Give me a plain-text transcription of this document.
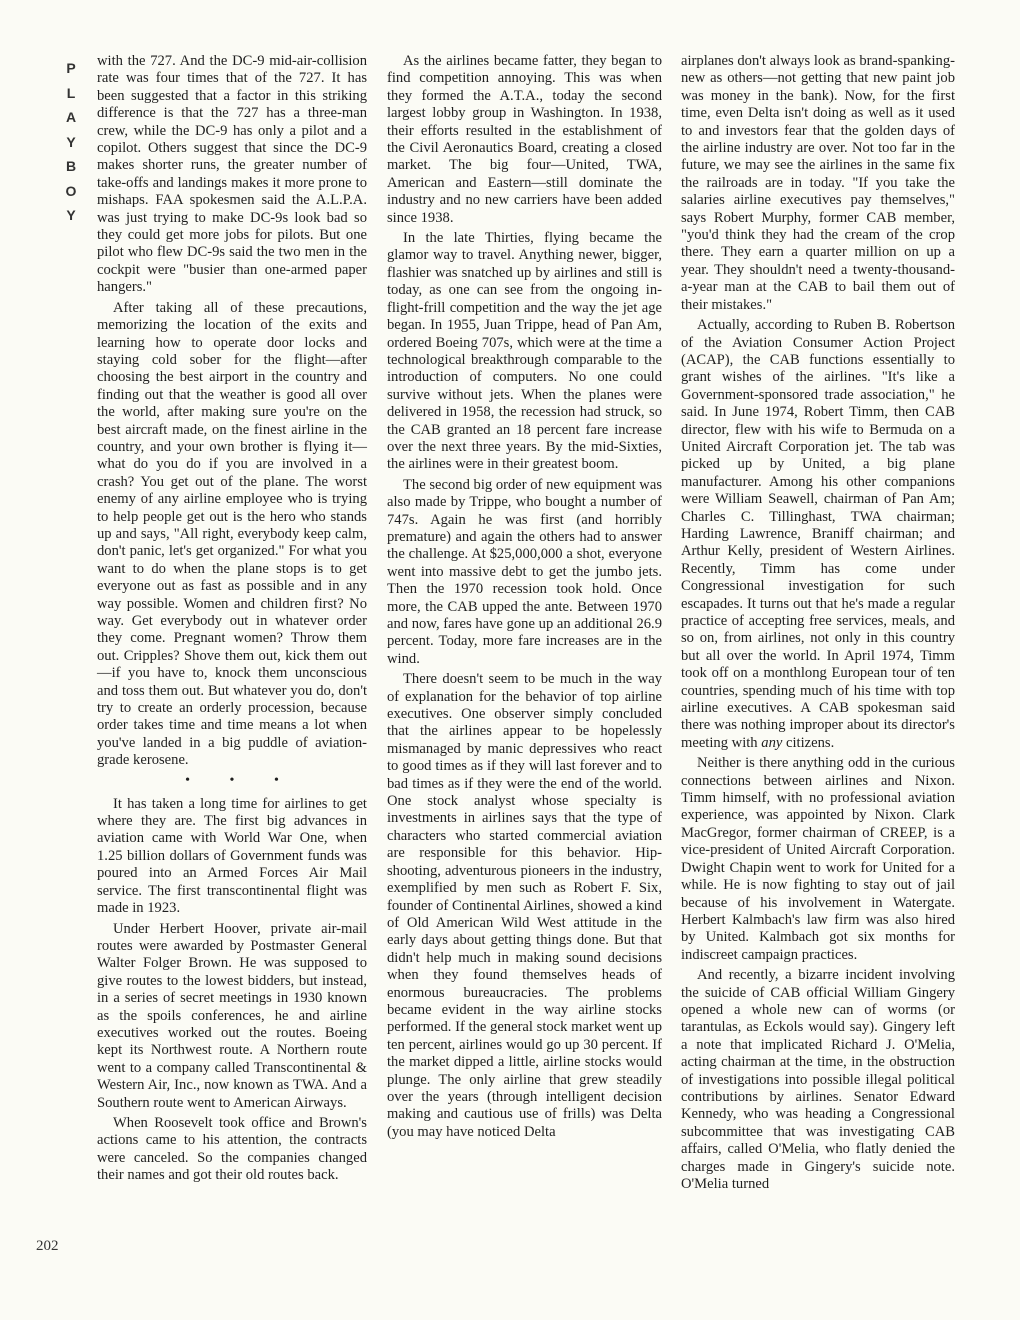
P
L
A
Y
B
O
Y

with the 727. And the DC-9 mid-air-collision rate was four times that of the 727. It has been suggested that a factor in this striking difference is that the 727 has a three-man crew, while the DC-9 has only a pilot and a copilot. Others suggest that since the DC-9 makes shorter runs, the greater number of take-offs and landings makes it more prone to mishaps. FAA spokesmen said the A.L.P.A. was just trying to make DC-9s look bad so they could get more jobs for pilots. But one pilot who flew DC-9s said the two men in the cockpit were "busier than one-armed paper hangers."

After taking all of these precautions, memorizing the location of the exits and learning how to operate door locks and staying cold sober for the flight—after choosing the best airport in the country and finding out that the weather is good all over the world, after making sure you're on the best aircraft made, on the finest airline in the country, and your own brother is flying it—what do you do if you are involved in a crash? You get out of the plane. The worst enemy of any airline employee who is trying to help people get out is the hero who stands up and says, "All right, everybody keep calm, don't panic, let's get organized." For what you want to do when the plane stops is to get everyone out as fast as possible and in any way possible. Women and children first? No way. Get everybody out in whatever order they come. Pregnant women? Throw them out. Cripples? Shove them out, kick them out—if you have to, knock them unconscious and toss them out. But whatever you do, don't try to create an orderly procession, because order takes time and time means a lot when you've landed in a big puddle of aviation-grade kerosene.

• • •

It has taken a long time for airlines to get where they are. The first big advances in aviation came with World War One, when 1.25 billion dollars of Government funds was poured into an Armed Forces Air Mail service. The first transcontinental flight was made in 1923.

Under Herbert Hoover, private air-mail routes were awarded by Postmaster General Walter Folger Brown. He was supposed to give routes to the lowest bidders, but instead, in a series of secret meetings in 1930 known as the spoils conferences, he and airline executives worked out the routes. Boeing kept its Northwest route. A Northern route went to a company called Transcontinental & Western Air, Inc., now known as TWA. And a Southern route went to American Airways.

When Roosevelt took office and Brown's actions came to his attention, the contracts were canceled. So the companies changed their names and got their old routes back.

As the airlines became fatter, they began to find competition annoying. This was when they formed the A.T.A., today the second largest lobby group in Washington. In 1938, their efforts resulted in the establishment of the Civil Aeronautics Board, creating a closed market. The big four—United, TWA, American and Eastern—still dominate the industry and no new carriers have been added since 1938.

In the late Thirties, flying became the glamor way to travel. Anything newer, bigger, flashier was snatched up by airlines and still is today, as one can see from the ongoing in-flight-frill competition and the way the jet age began. In 1955, Juan Trippe, head of Pan Am, ordered Boeing 707s, which were at the time a technological breakthrough comparable to the introduction of computers. No one could survive without jets. When the planes were delivered in 1958, the recession had struck, so the CAB granted an 18 percent fare increase over the next three years. By the mid-Sixties, the airlines were in their greatest boom.

The second big order of new equipment was also made by Trippe, who bought a number of 747s. Again he was first (and horribly premature) and again the others had to answer the challenge. At $25,000,000 a shot, everyone went into massive debt to get the jumbo jets. Then the 1970 recession took hold. Once more, the CAB upped the ante. Between 1970 and now, fares have gone up an additional 26.9 percent. Today, more fare increases are in the wind.

There doesn't seem to be much in the way of explanation for the behavior of top airline executives. One observer simply concluded that the airlines appear to be hopelessly mismanaged by manic depressives who react to good times as if they will last forever and to bad times as if they were the end of the world. One stock analyst whose specialty is investments in airlines says that the type of characters who started commercial aviation are responsible for this behavior. Hip-shooting, adventurous pioneers in the industry, exemplified by men such as Robert F. Six, founder of Continental Airlines, showed a kind of Old American Wild West attitude in the early days about getting things done. But that didn't help much in making sound decisions when they found themselves heads of enormous bureaucracies. The problems became evident in the way airline stocks performed. If the general stock market went up ten percent, airlines would go up 30 percent. If the market dipped a little, airline stocks would plunge. The only airline that grew steadily over the years (through intelligent decision making and cautious use of frills) was Delta (you may have noticed Delta

airplanes don't always look as brand-spanking-new as others—not getting that new paint job was money in the bank). Now, for the first time, even Delta isn't doing as well as it used to and investors fear that the golden days of the airline industry are over. Not too far in the future, we may see the airlines in the same fix the railroads are in today. "If you take the salaries airline executives pay themselves," says Robert Murphy, former CAB member, "you'd think they had the cream of the crop there. They earn a quarter million on up a year. They shouldn't need a twenty-thousand-a-year man at the CAB to bail them out of their mistakes."

Actually, according to Ruben B. Robertson of the Aviation Consumer Action Project (ACAP), the CAB functions essentially to grant wishes of the airlines. "It's like a Government-sponsored trade association," he said. In June 1974, Robert Timm, then CAB director, flew with his wife to Bermuda on a United Aircraft Corporation jet. The tab was picked up by United, a big plane manufacturer. Among his other companions were William Seawell, chairman of Pan Am; Charles C. Tillinghast, TWA chairman; Harding Lawrence, Braniff chairman; and Arthur Kelly, president of Western Airlines. Recently, Timm has come under Congressional investigation for such escapades. It turns out that he's made a regular practice of accepting free services, meals, and so on, from airlines, not only in this country but all over the world. In April 1974, Timm took off on a monthlong European tour of ten countries, spending much of his time with top airline executives. A CAB spokesman said there was nothing improper about its director's meeting with any citizens.

Neither is there anything odd in the curious connections between airlines and Nixon. Timm himself, with no professional aviation experience, was appointed by Nixon. Clark MacGregor, former chairman of CREEP, is a vice-president of United Aircraft Corporation. Dwight Chapin went to work for United for a while. He is now fighting to stay out of jail because of his involvement in Watergate. Herbert Kalmbach's law firm was also hired by United. Kalmbach got six months for indiscreet campaign practices.

And recently, a bizarre incident involving the suicide of CAB official William Gingery opened a whole new can of worms (or tarantulas, as Eckols would say). Gingery left a note that implicated Richard J. O'Melia, acting chairman at the time, in the obstruction of investigations into possible illegal political contributions by airlines. Senator Edward Kennedy, who was heading a Congressional subcommittee that was investigating CAB affairs, called O'Melia, who flatly denied the charges made in Gingery's suicide note. O'Melia turned

202
